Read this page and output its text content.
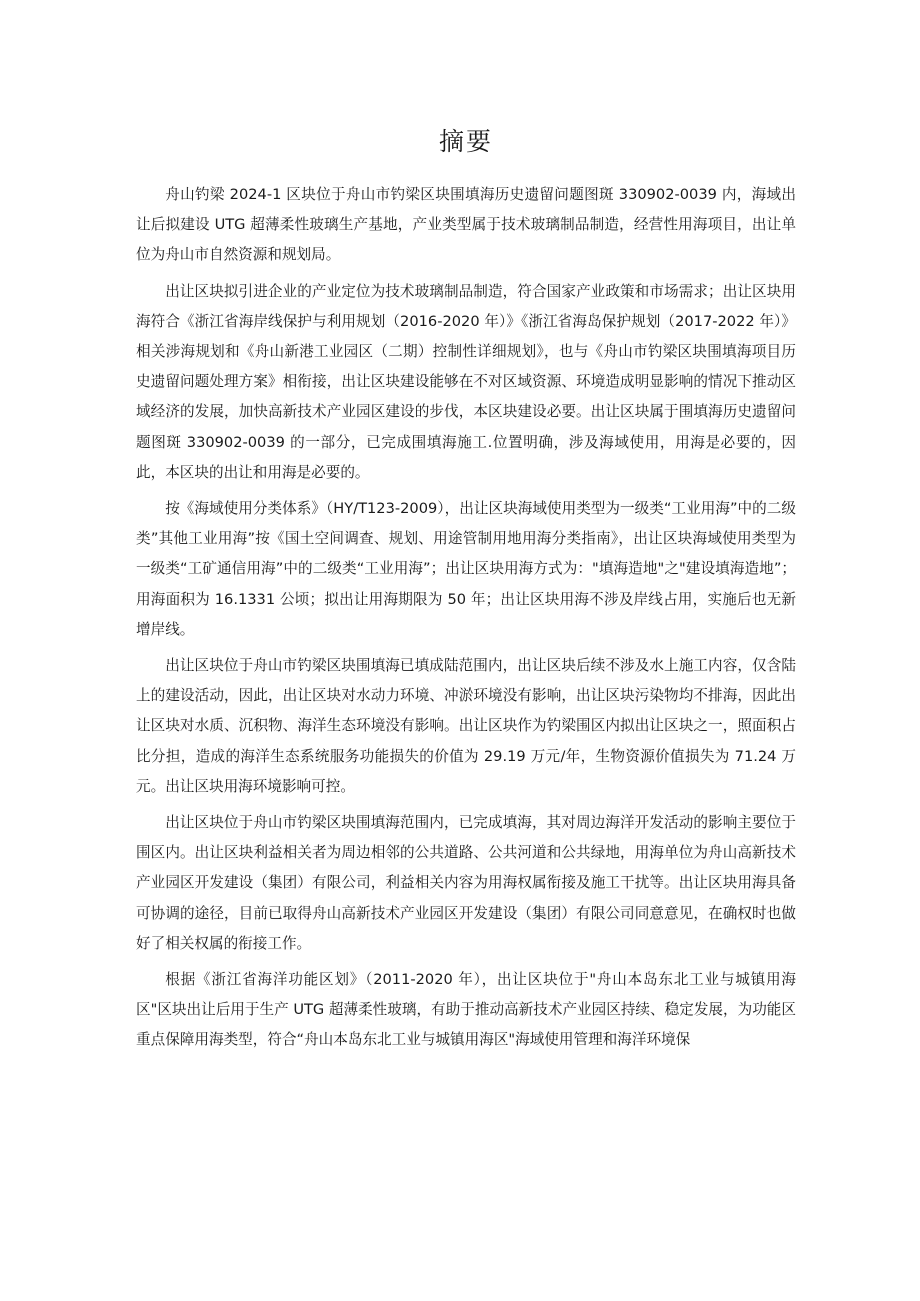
摘要

舟山钓梁 2024-1 区块位于舟山市钓梁区块围填海历史遗留问题图斑 330902-0039 内，海域出让后拟建设 UTG 超薄柔性玻璃生产基地，产业类型属于技术玻璃制品制造，经营性用海项目，出让单位为舟山市自然资源和规划局。

出让区块拟引进企业的产业定位为技术玻璃制品制造，符合国家产业政策和市场需求；出让区块用海符合《浙江省海岸线保护与利用规划（2016-2020 年）》《浙江省海岛保护规划（2017-2022 年）》相关涉海规划和《舟山新港工业园区（二期）控制性详细规划》，也与《舟山市钓梁区块围填海项目历史遗留问题处理方案》相衔接，出让区块建设能够在不对区域资源、环境造成明显影响的情况下推动区域经济的发展，加快高新技术产业园区建设的步伐，本区块建设必要。出让区块属于围填海历史遗留问题图斑 330902-0039 的一部分，已完成围填海施工.位置明确，涉及海域使用，用海是必要的，因此，本区块的出让和用海是必要的。

按《海域使用分类体系》（HY/T123-2009），出让区块海域使用类型为一级类“工业用海”中的二级类”其他工业用海”按《国土空间调查、规划、用途管制用地用海分类指南》，出让区块海域使用类型为一级类“工矿通信用海”中的二级类“工业用海”；出让区块用海方式为："填海造地"之"建设填海造地”；用海面积为 16.1331 公顷；拟出让用海期限为 50 年；出让区块用海不涉及岸线占用，实施后也无新增岸线。

出让区块位于舟山市钓梁区块围填海已填成陆范围内，出让区块后续不涉及水上施工内容，仅含陆上的建设活动，因此，出让区块对水动力环境、冲淤环境没有影响，出让区块污染物均不排海，因此出让区块对水质、沉积物、海洋生态环境没有影响。出让区块作为钓梁围区内拟出让区块之一，照面积占比分担，造成的海洋生态系统服务功能损失的价值为 29.19 万元/年，生物资源价值损失为 71.24 万元。出让区块用海环境影响可控。

出让区块位于舟山市钓梁区块围填海范围内，已完成填海，其对周边海洋开发活动的影响主要位于围区内。出让区块利益相关者为周边相邻的公共道路、公共河道和公共绿地，用海单位为舟山高新技术产业园区开发建设（集团）有限公司，利益相关内容为用海权属衔接及施工干扰等。出让区块用海具备可协调的途径，目前已取得舟山高新技术产业园区开发建设（集团）有限公司同意意见，在确权时也做好了相关权属的衔接工作。

根据《浙江省海洋功能区划》（2011-2020 年），出让区块位于"舟山本岛东北工业与城镇用海区"区块出让后用于生产 UTG 超薄柔性玻璃，有助于推动高新技术产业园区持续、稳定发展，为功能区重点保障用海类型，符合“舟山本岛东北工业与城镇用海区"海域使用管理和海洋环境保
